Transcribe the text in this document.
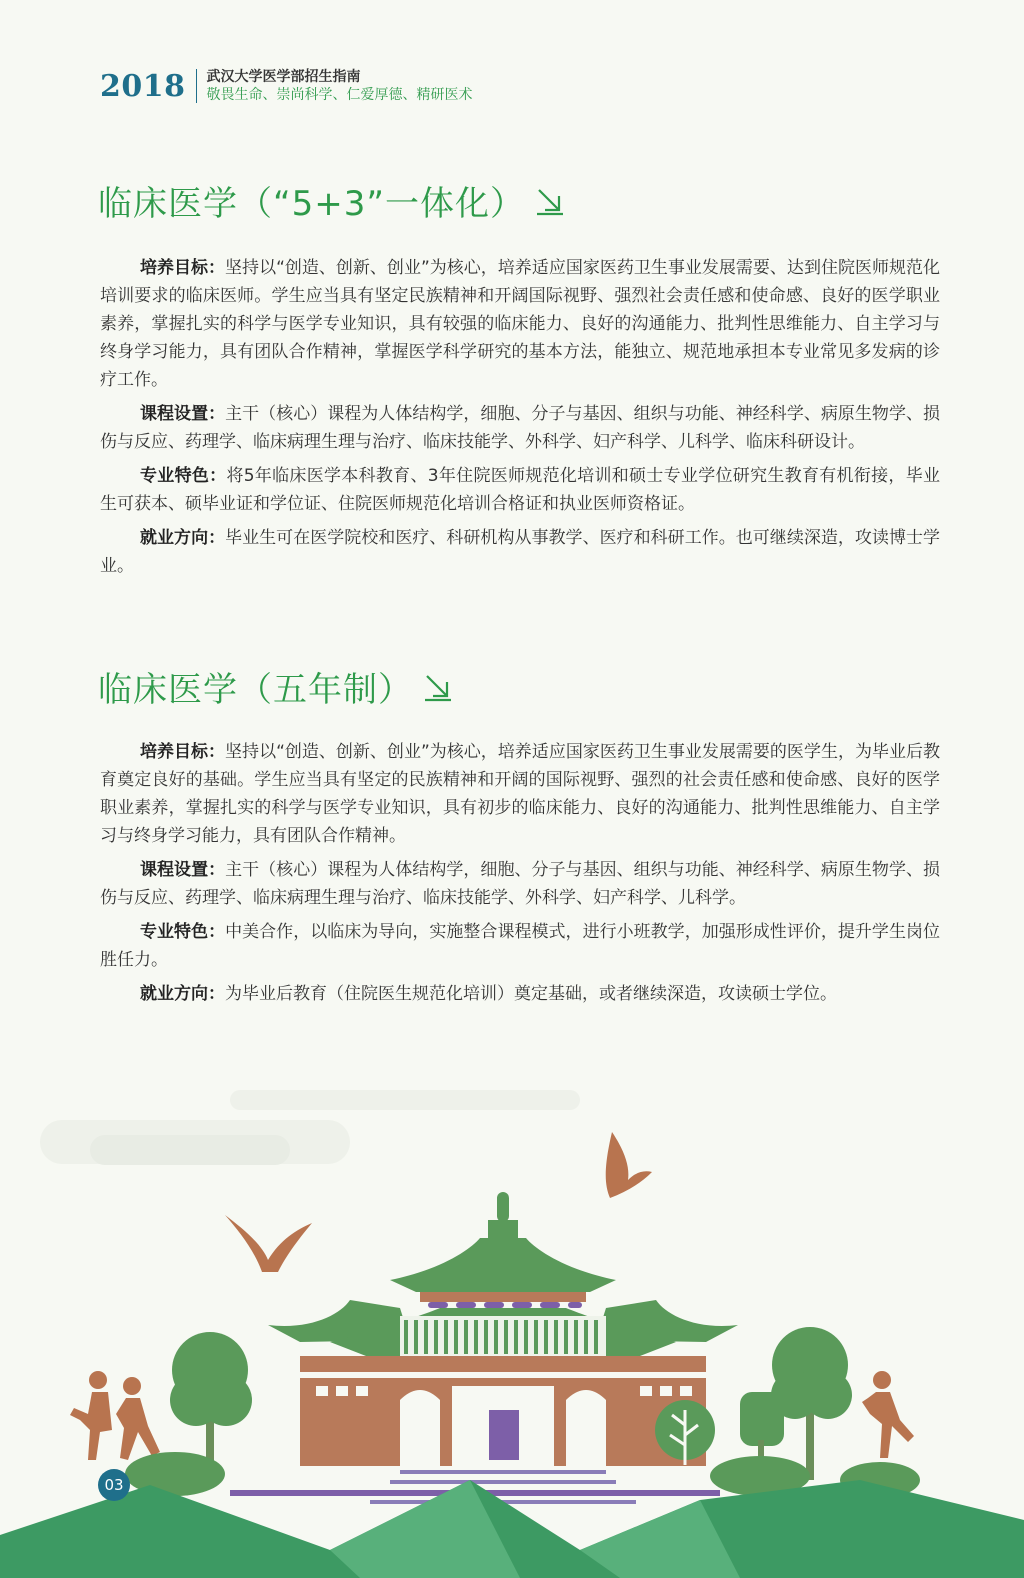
2018 武汉大学医学部招生指南
敬畏生命、崇尚科学、仁爱厚德、精研医术
临床医学（“5+3”一体化）

培养目标：坚持以“创造、创新、创业”为核心，培养适应国家医药卫生事业发展需要、达到住院医师规范化培训要求的临床医师。学生应当具有坚定民族精神和开阔国际视野、强烈社会责任感和使命感、良好的医学职业素养，掌握扎实的科学与医学专业知识，具有较强的临床能力、良好的沟通能力、批判性思维能力、自主学习与终身学习能力，具有团队合作精神，掌握医学科学研究的基本方法，能独立、规范地承担本专业常见多发病的诊疗工作。

课程设置：主干（核心）课程为人体结构学，细胞、分子与基因、组织与功能、神经科学、病原生物学、损伤与反应、药理学、临床病理生理与治疗、临床技能学、外科学、妇产科学、儿科学、临床科研设计。

专业特色：将5年临床医学本科教育、3年住院医师规范化培训和硕士专业学位研究生教育有机衔接，毕业生可获本、硕毕业证和学位证、住院医师规范化培训合格证和执业医师资格证。

就业方向：毕业生可在医学院校和医疗、科研机构从事教学、医疗和科研工作。也可继续深造，攻读博士学业。

临床医学（五年制）

培养目标：坚持以“创造、创新、创业”为核心，培养适应国家医药卫生事业发展需要的医学生，为毕业后教育奠定良好的基础。学生应当具有坚定的民族精神和开阔的国际视野、强烈的社会责任感和使命感、良好的医学职业素养，掌握扎实的科学与医学专业知识，具有初步的临床能力、良好的沟通能力、批判性思维能力、自主学习与终身学习能力，具有团队合作精神。

课程设置：主干（核心）课程为人体结构学，细胞、分子与基因、组织与功能、神经科学、病原生物学、损伤与反应、药理学、临床病理生理与治疗、临床技能学、外科学、妇产科学、儿科学。

专业特色：中美合作，以临床为导向，实施整合课程模式，进行小班教学，加强形成性评价，提升学生岗位胜任力。

就业方向：为毕业后教育（住院医生规范化培训）奠定基础，或者继续深造，攻读硕士学位。

03
